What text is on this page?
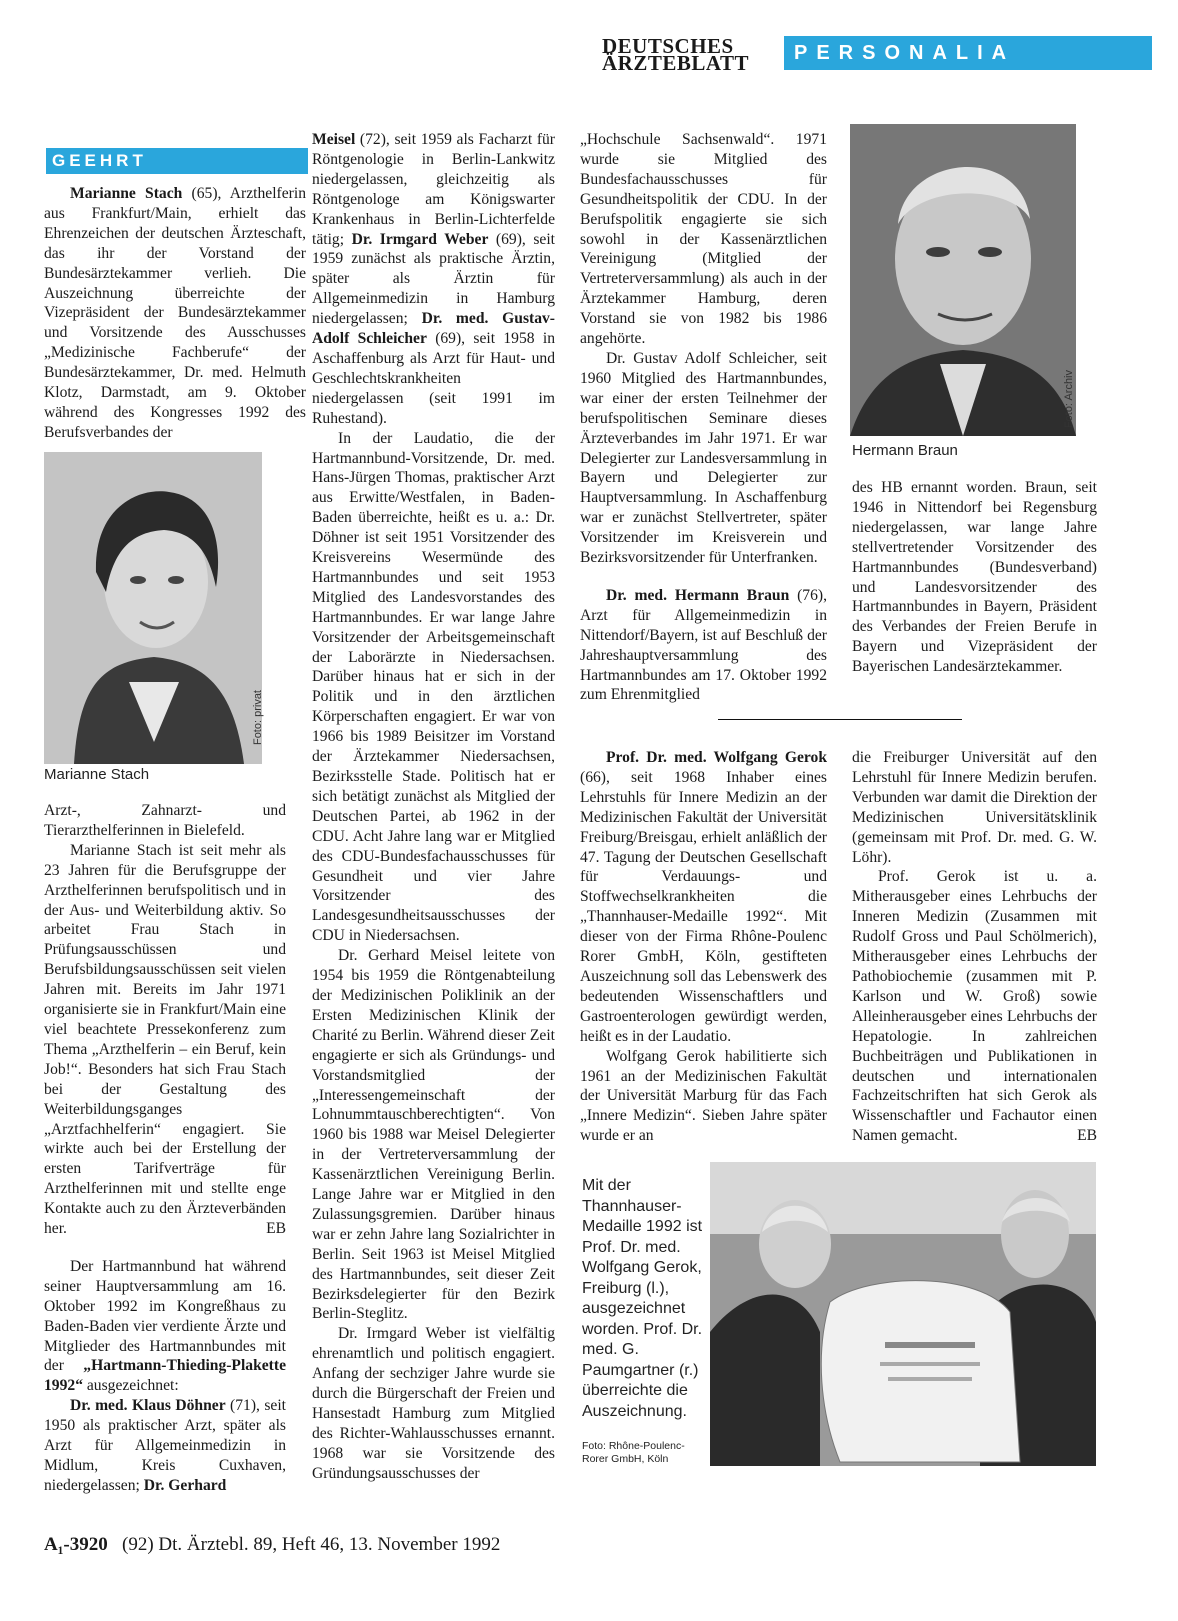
DEUTSCHES
ÄRZTEBLATT	PERSONALIA
GEEHRT

Marianne Stach (65), Arzthelferin aus Frankfurt/Main, erhielt das Ehrenzeichen der deutschen Ärzteschaft, das ihr der Vorstand der Bundesärztekammer verlieh. Die Auszeichnung überreichte der Vizepräsident der Bundesärztekammer und Vorsitzende des Ausschusses „Medizinische Fachberufe“ der Bundesärztekammer, Dr. med. Helmuth Klotz, Darmstadt, am 9. Oktober während des Kongresses 1992 des Berufsverbandes der

Foto: privat
Marianne Stach

Arzt-, Zahnarzt- und Tierarzthelferinnen in Bielefeld.

Marianne Stach ist seit mehr als 23 Jahren für die Berufsgruppe der Arzthelferinnen berufspolitisch und in der Aus- und Weiterbildung aktiv. So arbeitet Frau Stach in Prüfungsausschüssen und Berufsbildungsausschüssen seit vielen Jahren mit. Bereits im Jahr 1971 organisierte sie in Frankfurt/Main eine viel beachtete Pressekonferenz zum Thema „Arzthelferin – ein Beruf, kein Job!“. Besonders hat sich Frau Stach bei der Gestaltung des Weiterbildungsganges „Arztfachhelferin“ engagiert. Sie wirkte auch bei der Erstellung der ersten Tarifverträge für Arzthelferinnen mit und stellte enge Kontakte auch zu den Ärzteverbänden her.	EB

Der Hartmannbund hat während seiner Hauptversammlung am 16. Oktober 1992 im Kongreßhaus zu Baden-Baden vier verdiente Ärzte und Mitglieder des Hartmannbundes mit der „Hartmann-Thieding-Plakette 1992“ ausgezeichnet:

Dr. med. Klaus Döhner (71), seit 1950 als praktischer Arzt, später als Arzt für Allgemeinmedizin in Midlum, Kreis Cuxhaven, niedergelassen; Dr. Gerhard

Meisel (72), seit 1959 als Facharzt für Röntgenologie in Berlin-Lankwitz niedergelassen, gleichzeitig als Röntgenologe am Königswarter Krankenhaus in Berlin-Lichterfelde tätig; Dr. Irmgard Weber (69), seit 1959 zunächst als praktische Ärztin, später als Ärztin für Allgemeinmedizin in Hamburg niedergelassen; Dr. med. Gustav-Adolf Schleicher (69), seit 1958 in Aschaffenburg als Arzt für Haut- und Geschlechtskrankheiten niedergelassen (seit 1991 im Ruhestand).

In der Laudatio, die der Hartmannbund-Vorsitzende, Dr. med. Hans-Jürgen Thomas, praktischer Arzt aus Erwitte/Westfalen, in Baden-Baden überreichte, heißt es u. a.: Dr. Döhner ist seit 1951 Vorsitzender des Kreisvereins Wesermünde des Hartmannbundes und seit 1953 Mitglied des Landesvorstandes des Hartmannbundes. Er war lange Jahre Vorsitzender der Arbeitsgemeinschaft der Laborärzte in Niedersachsen. Darüber hinaus hat er sich in der Politik und in den ärztlichen Körperschaften engagiert. Er war von 1966 bis 1989 Beisitzer im Vorstand der Ärztekammer Niedersachsen, Bezirksstelle Stade. Politisch hat er sich betätigt zunächst als Mitglied der Deutschen Partei, ab 1962 in der CDU. Acht Jahre lang war er Mitglied des CDU-Bundesfachausschusses für Gesundheit und vier Jahre Vorsitzender des Landesgesundheitsausschusses der CDU in Niedersachsen.

Dr. Gerhard Meisel leitete von 1954 bis 1959 die Röntgenabteilung der Medizinischen Poliklinik an der Ersten Medizinischen Klinik der Charité zu Berlin. Während dieser Zeit engagierte er sich als Gründungs- und Vorstandsmitglied der „Interessengemeinschaft der Lohnummtauschberechtigten“. Von 1960 bis 1988 war Meisel Delegierter in der Vertreterversammlung der Kassenärztlichen Vereinigung Berlin. Lange Jahre war er Mitglied in den Zulassungsgremien. Darüber hinaus war er zehn Jahre lang Sozialrichter in Berlin. Seit 1963 ist Meisel Mitglied des Hartmannbundes, seit dieser Zeit Bezirksdelegierter für den Bezirk Berlin-Steglitz.

Dr. Irmgard Weber ist vielfältig ehrenamtlich und politisch engagiert. Anfang der sechziger Jahre wurde sie durch die Bürgerschaft der Freien und Hansestadt Hamburg zum Mitglied des Richter-Wahlausschusses ernannt. 1968 war sie Vorsitzende des Gründungsausschusses der

„Hochschule Sachsenwald“. 1971 wurde sie Mitglied des Bundesfachausschusses für Gesundheitspolitik der CDU. In der Berufspolitik engagierte sie sich sowohl in der Kassenärztlichen Vereinigung (Mitglied der Vertreterversammlung) als auch in der Ärztekammer Hamburg, deren Vorstand sie von 1982 bis 1986 angehörte.

Dr. Gustav Adolf Schleicher, seit 1960 Mitglied des Hartmannbundes, war einer der ersten Teilnehmer der berufspolitischen Seminare dieses Ärzteverbandes im Jahr 1971. Er war Delegierter zur Landesversammlung in Bayern und Delegierter zur Hauptversammlung. In Aschaffenburg war er zunächst Stellvertreter, später Vorsitzender im Kreisverein und Bezirksvorsitzender für Unterfranken.

Dr. med. Hermann Braun (76), Arzt für Allgemeinmedizin in Nittendorf/Bayern, ist auf Beschluß der Jahreshauptversammlung des Hartmannbundes am 17. Oktober 1992 zum Ehrenmitglied

Foto: Archiv
Hermann Braun

des HB ernannt worden. Braun, seit 1946 in Nittendorf bei Regensburg niedergelassen, war lange Jahre stellvertretender Vorsitzender des Hartmannbundes (Bundesverband) und Landesvorsitzender des Hartmannbundes in Bayern, Präsident des Verbandes der Freien Berufe in Bayern und Vizepräsident der Bayerischen Landesärztekammer.

Prof. Dr. med. Wolfgang Gerok (66), seit 1968 Inhaber eines Lehrstuhls für Innere Medizin an der Medizinischen Fakultät der Universität Freiburg/Breisgau, erhielt anläßlich der 47. Tagung der Deutschen Gesellschaft für Verdauungs- und Stoffwechselkrankheiten die „Thannhauser-Medaille 1992“. Mit dieser von der Firma Rhône-Poulenc Rorer GmbH, Köln, gestifteten Auszeichnung soll das Lebenswerk des bedeutenden Wissenschaftlers und Gastroenterologen gewürdigt werden, heißt es in der Laudatio.

Wolfgang Gerok habilitierte sich 1961 an der Medizinischen Fakultät der Universität Marburg für das Fach „Innere Medizin“. Sieben Jahre später wurde er an

die Freiburger Universität auf den Lehrstuhl für Innere Medizin berufen. Verbunden war damit die Direktion der Medizinischen Universitätsklinik (gemeinsam mit Prof. Dr. med. G. W. Löhr).

Prof. Gerok ist u. a. Mitherausgeber eines Lehrbuchs der Inneren Medizin (Zusammen mit Rudolf Gross und Paul Schölmerich), Mitherausgeber eines Lehrbuchs der Pathobiochemie (zusammen mit P. Karlson und W. Groß) sowie Alleinherausgeber eines Lehrbuchs der Hepatologie. In zahlreichen Buchbeiträgen und Publikationen in deutschen und internationalen Fachzeitschriften hat sich Gerok als Wissenschaftler und Fachautor einen Namen gemacht.	EB

Mit der Thannhauser-Medaille 1992 ist Prof. Dr. med. Wolfgang Gerok, Freiburg (l.), ausgezeichnet worden. Prof. Dr. med. G. Paumgartner (r.) überreichte die Auszeichnung.
Foto: Rhône-Poulenc-
Rorer GmbH, Köln
A₁-3920 (92) Dt. Ärztebl. 89, Heft 46, 13. November 1992
